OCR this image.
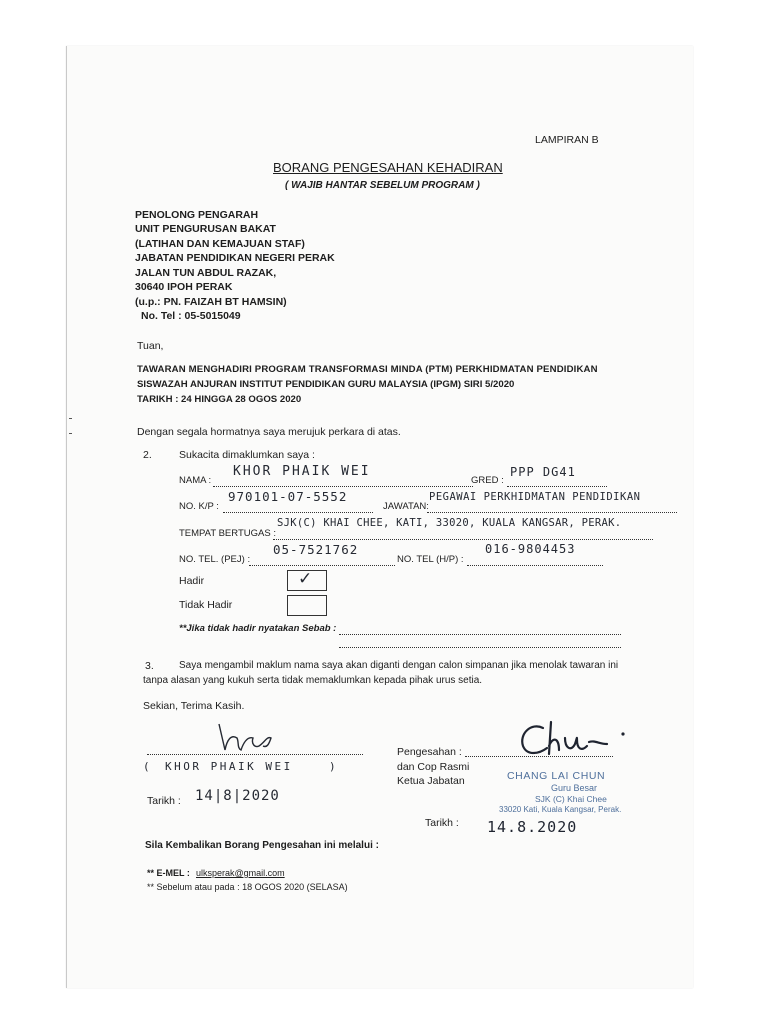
LAMPIRAN B
BORANG PENGESAHAN KEHADIRAN
( WAJIB HANTAR SEBELUM PROGRAM )
PENOLONG PENGARAH
UNIT PENGURUSAN BAKAT
(LATIHAN DAN KEMAJUAN STAF)
JABATAN PENDIDIKAN NEGERI PERAK
JALAN TUN ABDUL RAZAK,
30640 IPOH PERAK
(u.p.: PN. FAIZAH BT HAMSIN)
No. Tel : 05-5015049
Tuan,
TAWARAN MENGHADIRI PROGRAM TRANSFORMASI MINDA (PTM) PERKHIDMATAN PENDIDIKAN
SISWAZAH ANJURAN INSTITUT PENDIDIKAN GURU MALAYSIA (IPGM) SIRI 5/2020
TARIKH : 24 HINGGA 28 OGOS 2020
Dengan segala hormatnya saya merujuk perkara di atas.
2.	Sukacita dimaklumkan saya :
NAMA :
KHOR PHAIK WEI
GRED :
PPP DG41
NO. K/P :
970101-07-5552
JAWATAN:
PEGAWAI PERKHIDMATAN PENDIDIKAN
TEMPAT BERTUGAS :
SJK(C) KHAI CHEE, KATI, 33020, KUALA KANGSAR, PERAK.
NO. TEL. (PEJ) :
05-7521762
NO. TEL (H/P) :
016-9804453
Hadir	✓
Tidak Hadir
**Jika tidak hadir nyatakan Sebab :
3.	Saya mengambil maklum nama saya akan diganti dengan calon simpanan jika menolak tawaran ini
tanpa alasan yang kukuh serta tidak memaklumkan kepada pihak urus setia.
Sekian, Terima Kasih.
( KHOR PHAIK WEI	)
Tarikh : 14|8|2020
Pengesahan :
dan Cop Rasmi
Ketua Jabatan	CHANG LAI CHUN
Guru Besar
SJK (C) Khai Chee
33020 Kati, Kuala Kangsar, Perak.
Tarikh : 14.8.2020
Sila Kembalikan Borang Pengesahan ini melalui :
** E-MEL : ulksperak@gmail.com
** Sebelum atau pada : 18 OGOS 2020 (SELASA)
